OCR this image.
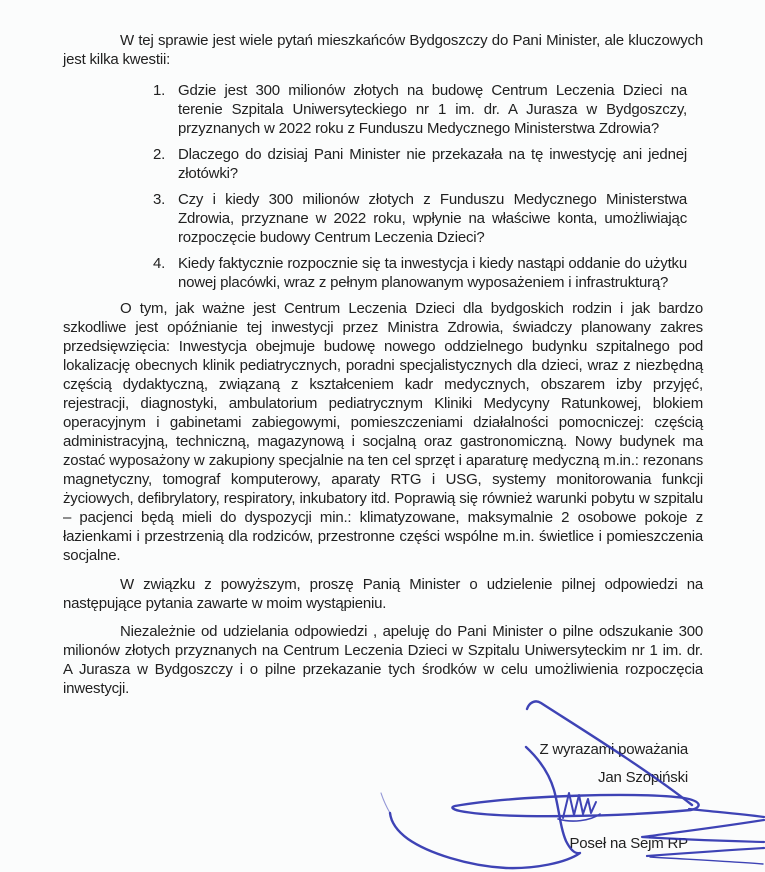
W tej sprawie jest wiele pytań mieszkańców Bydgoszczy do Pani Minister, ale kluczowych jest kilka kwestii:

1. Gdzie jest 300 milionów złotych na budowę Centrum Leczenia Dzieci na terenie Szpitala Uniwersyteckiego nr 1 im. dr. A Jurasza w Bydgoszczy, przyznanych w 2022 roku z Funduszu Medycznego Ministerstwa Zdrowia?
2. Dlaczego do dzisiaj Pani Minister nie przekazała na tę inwestycję ani jednej złotówki?
3. Czy i kiedy 300 milionów złotych z Funduszu Medycznego Ministerstwa Zdrowia, przyznane w 2022 roku, wpłynie na właściwe konta, umożliwiając rozpoczęcie budowy Centrum Leczenia Dzieci?
4. Kiedy faktycznie rozpocznie się ta inwestycja i kiedy nastąpi oddanie do użytku nowej placówki, wraz z pełnym planowanym wyposażeniem i infrastrukturą?

O tym, jak ważne jest Centrum Leczenia Dzieci dla bydgoskich rodzin i jak bardzo szkodliwe jest opóźnianie tej inwestycji przez Ministra Zdrowia, świadczy planowany zakres przedsięwzięcia: Inwestycja obejmuje budowę nowego oddzielnego budynku szpitalnego pod lokalizację obecnych klinik pediatrycznych, poradni specjalistycznych dla dzieci, wraz z niezbędną częścią dydaktyczną, związaną z kształceniem kadr medycznych, obszarem izby przyjęć, rejestracji, diagnostyki, ambulatorium pediatrycznym Kliniki Medycyny Ratunkowej, blokiem operacyjnym i gabinetami zabiegowymi, pomieszczeniami działalności pomocniczej: częścią administracyjną, techniczną, magazynową i socjalną oraz gastronomiczną. Nowy budynek ma zostać wyposażony w zakupiony specjalnie na ten cel sprzęt i aparaturę medyczną m.in.: rezonans magnetyczny, tomograf komputerowy, aparaty RTG i USG, systemy monitorowania funkcji życiowych, defibrylatory, respiratory, inkubatory itd. Poprawią się również warunki pobytu w szpitalu – pacjenci będą mieli do dyspozycji min.: klimatyzowane, maksymalnie 2 osobowe pokoje z łazienkami i przestrzenią dla rodziców, przestronne części wspólne m.in. świetlice i pomieszczenia socjalne.

W związku z powyższym, proszę Panią Minister o udzielenie pilnej odpowiedzi na następujące pytania zawarte w moim wystąpieniu.

Niezależnie od udzielania odpowiedzi , apeluję do Pani Minister o pilne odszukanie 300 milionów złotych przyznanych na Centrum Leczenia Dzieci w Szpitalu Uniwersyteckim nr 1 im. dr. A Jurasza w Bydgoszczy i o pilne przekazanie tych środków w celu umożliwienia rozpoczęcia inwestycji.

Z wyrazami poważania
Jan Szopiński
Poseł na Sejm RP
